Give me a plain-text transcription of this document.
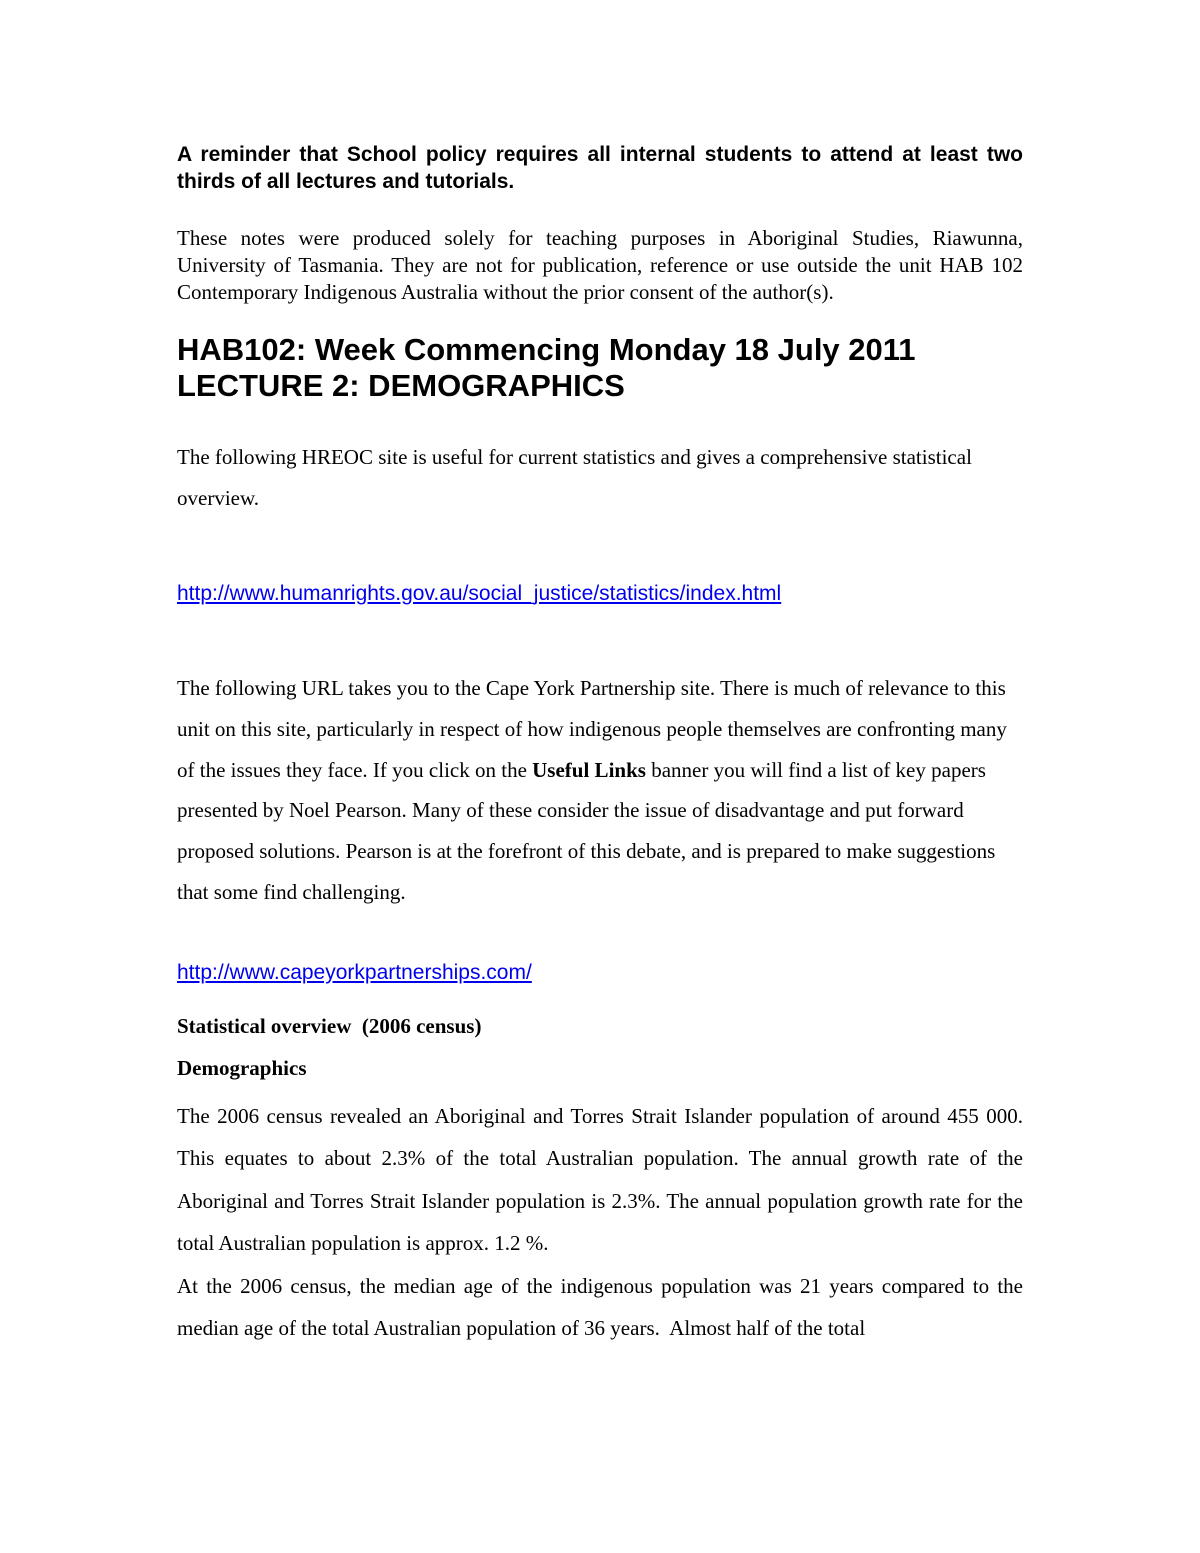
A reminder that School policy requires all internal students to attend at least two thirds of all lectures and tutorials.

These notes were produced solely for teaching purposes in Aboriginal Studies, Riawunna, University of Tasmania. They are not for publication, reference or use outside the unit HAB 102 Contemporary Indigenous Australia without the prior consent of the author(s).

HAB102: Week Commencing Monday 18 July 2011
LECTURE 2: DEMOGRAPHICS

The following HREOC site is useful for current statistics and gives a comprehensive statistical overview.

http://www.humanrights.gov.au/social_justice/statistics/index.html

The following URL takes you to the Cape York Partnership site. There is much of relevance to this unit on this site, particularly in respect of how indigenous people themselves are confronting many of the issues they face. If you click on the Useful Links banner you will find a list of key papers presented by Noel Pearson. Many of these consider the issue of disadvantage and put forward proposed solutions. Pearson is at the forefront of this debate, and is prepared to make suggestions that some find challenging.

http://www.capeyorkpartnerships.com/

Statistical overview  (2006 census)

Demographics

The 2006 census revealed an Aboriginal and Torres Strait Islander population of around 455 000. This equates to about 2.3% of the total Australian population. The annual growth rate of the Aboriginal and Torres Strait Islander population is 2.3%. The annual population growth rate for the total Australian population is approx. 1.2 %.
At the 2006 census, the median age of the indigenous population was 21 years compared to the median age of the total Australian population of 36 years.  Almost half of the total
